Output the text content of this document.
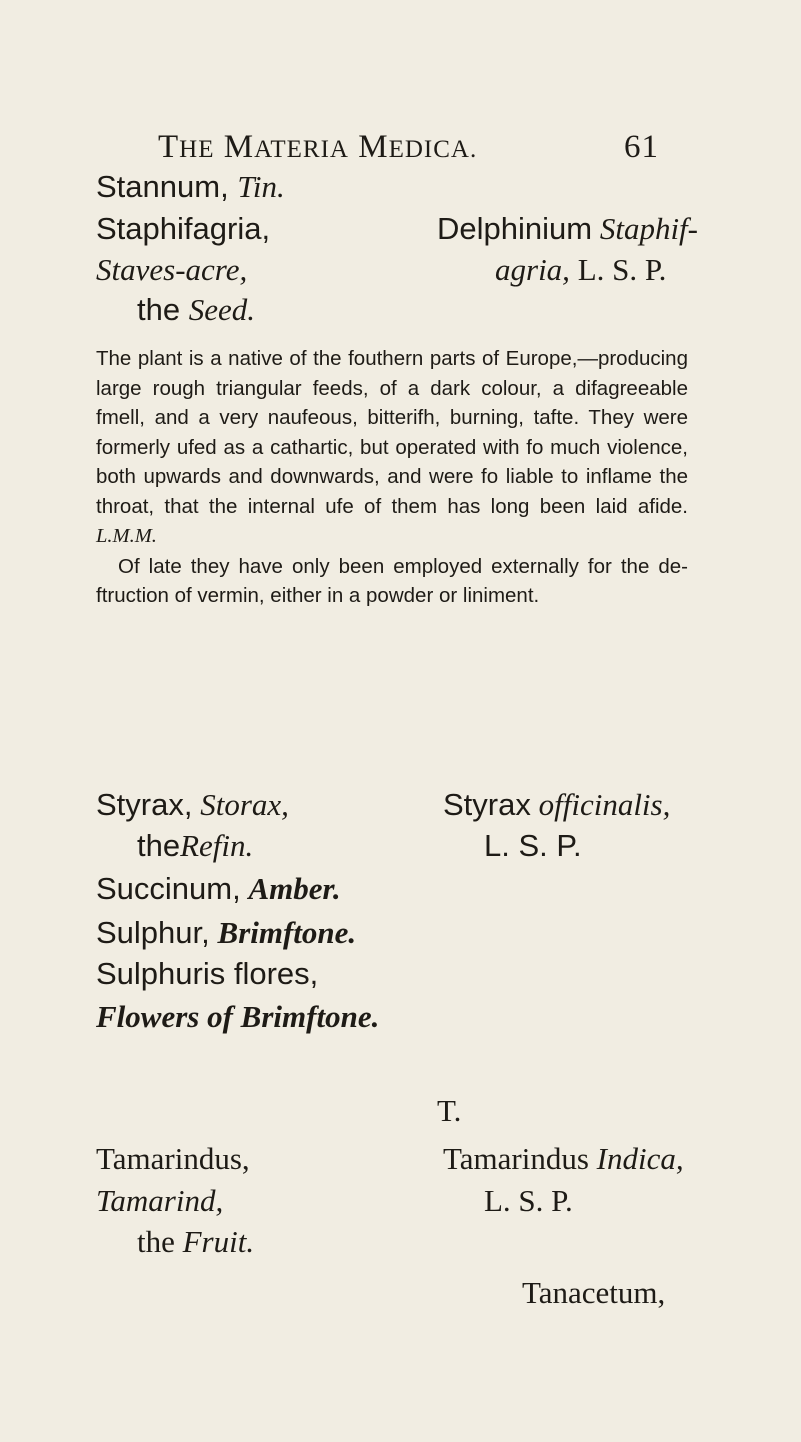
THE MATERIA MEDICA.	61
Stannum, Tin.
Staphifagria,
Staves-acre,
the Seed.
Delphinium Staphif-
agria, L. S. P.

The plant is a native of the fouthern parts of Europe,—producing large rough triangular feeds, of a dark colour, a difagreeable fmell, and a very naufeous, bitterifh, burning, tafte. They were formerly ufed as a cathartic, but operated with fo much violence, both upwards and downwards, and were fo liable to inflame the throat, that the internal ufe of them has long been laid afide. L.M.M.

Of late they have only been employed externally for the de-ftruction of vermin, either in a powder or liniment.

Styrax, Storax,
theRefin.
Styrax officinalis,
L. S. P.
Succinum, Amber.
Sulphur, Brimftone.
Sulphuris flores,
Flowers of Brimftone.
T.
Tamarindus,
Tamarind,
the Fruit.
Tamarindus Indica,
L. S. P.
Tanacetum,
